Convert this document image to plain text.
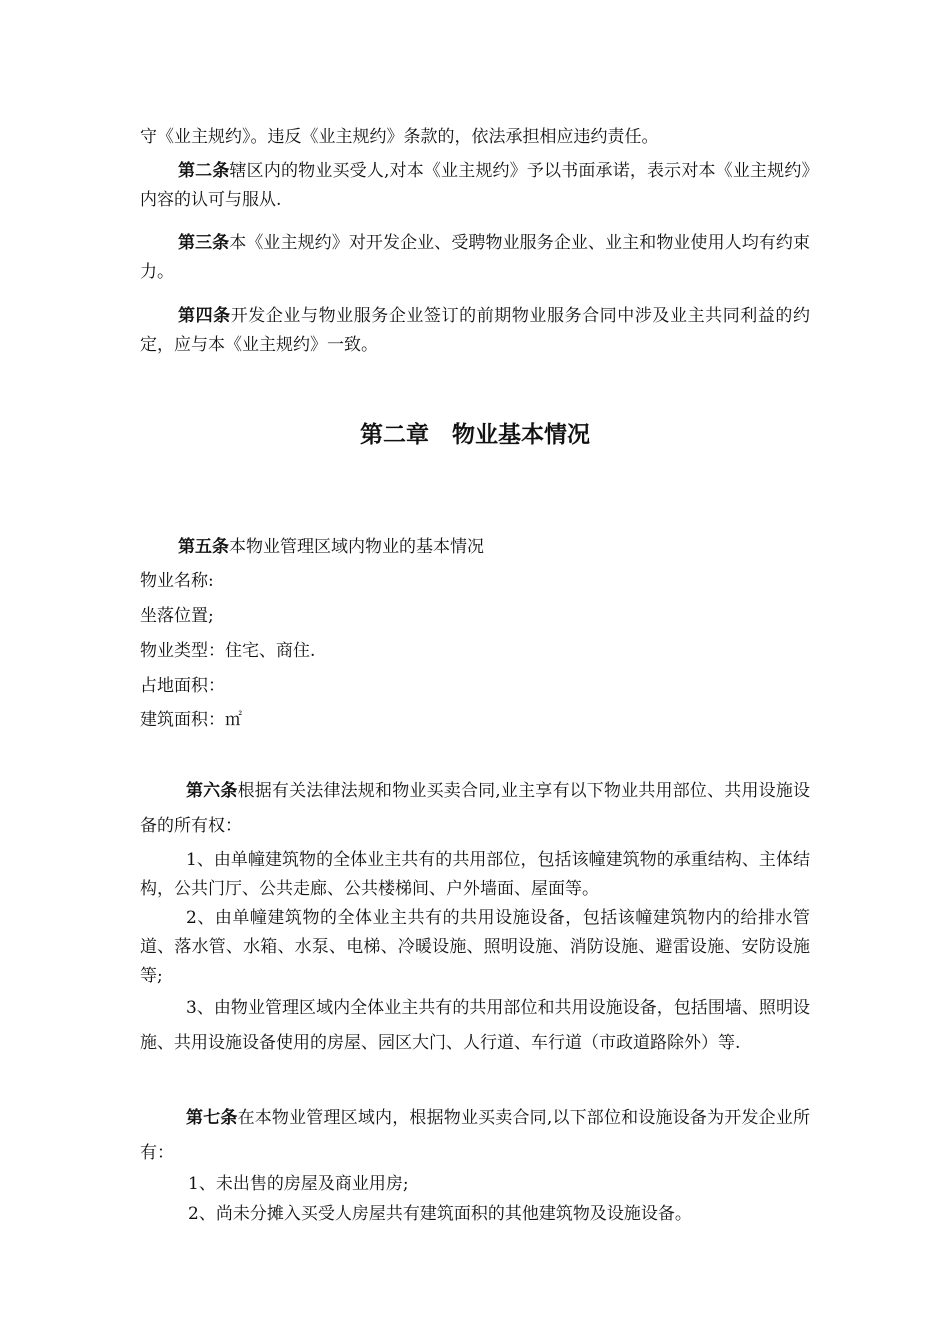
守《业主规约》。违反《业主规约》条款的，依法承担相应违约责任。

第二条辖区内的物业买受人,对本《业主规约》予以书面承诺，表示对本《业主规约》内容的认可与服从.

第三条本《业主规约》对开发企业、受聘物业服务企业、业主和物业使用人均有约束力。

第四条开发企业与物业服务企业签订的前期物业服务合同中涉及业主共同利益的约定，应与本《业主规约》一致。

第二章　物业基本情况

第五条本物业管理区域内物业的基本情况

物业名称:

坐落位置;

物业类型：住宅、商住.

占地面积：

建筑面积：㎡

第六条根据有关法律法规和物业买卖合同,业主享有以下物业共用部位、共用设施设备的所有权：

1、由单幢建筑物的全体业主共有的共用部位，包括该幢建筑物的承重结构、主体结构，公共门厅、公共走廊、公共楼梯间、户外墙面、屋面等。

2、由单幢建筑物的全体业主共有的共用设施设备，包括该幢建筑物内的给排水管道、落水管、水箱、水泵、电梯、冷暖设施、照明设施、消防设施、避雷设施、安防设施等;

3、由物业管理区域内全体业主共有的共用部位和共用设施设备，包括围墙、照明设施、共用设施设备使用的房屋、园区大门、人行道、车行道（市政道路除外）等.

第七条在本物业管理区域内，根据物业买卖合同,以下部位和设施设备为开发企业所有：

1、未出售的房屋及商业用房;

2、尚未分摊入买受人房屋共有建筑面积的其他建筑物及设施设备。
